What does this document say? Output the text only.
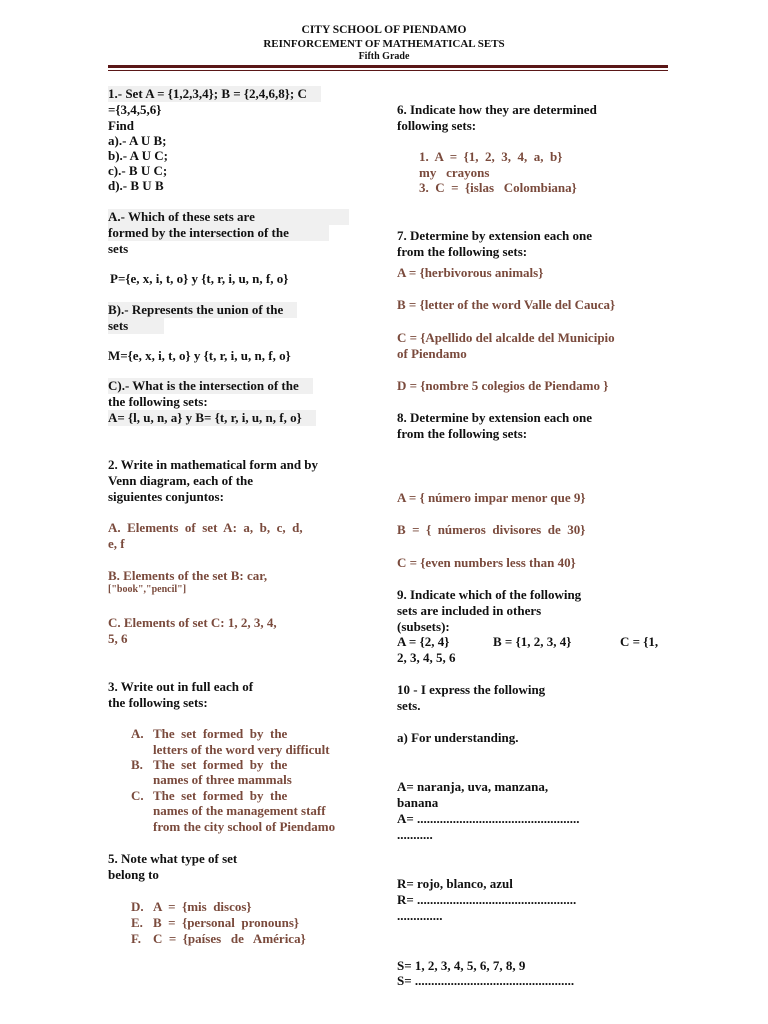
CITY SCHOOL OF PIENDAMO
REINFORCEMENT OF MATHEMATICAL SETS
Fifth Grade
1.- Set A = {1,2,3,4}; B = {2,4,6,8}; C
={3,4,5,6}
Find
a).- A U B;
b).- A U C;
c).- B U C;
d).- B U B
A.- Which of these sets are
formed by the intersection of the
sets
P={e, x, i, t, o} y {t, r, i, u, n, f, o}
B).- Represents the union of the
sets
M={e, x, i, t, o} y {t, r, i, u, n, f, o}
C).- What is the intersection of the
the following sets:
A= {l, u, n, a} y B= {t, r, i, u, n, f, o}
2. Write in mathematical form and by
Venn diagram, each of the
siguientes conjuntos:
A.  Elements  of  set  A:  a,  b,  c,  d,
e, f
B. Elements of the set B: car,
["book","pencil"]
C. Elements of set C: 1, 2, 3, 4,
5, 6
3. Write out in full each of
the following sets:
A. The  set  formed  by  the
letters of the word very difficult
B. The  set  formed  by  the
names of three mammals
C. The  set  formed  by  the
names of the management staff
from the city school of Piendamo
5. Note what type of set
belong to
D. A  =  {mis  discos}
E. B  =  {personal  pronouns}
F. C  =  {países   de   América}
6. Indicate how they are determined
following sets:
1.  A  =  {1,  2,  3,  4,  a,  b}
my   crayons
3.  C  =  {islas   Colombiana}
7. Determine by extension each one
from the following sets:
A = {herbivorous animals}
B = {letter of the word Valle del Cauca}
C = {Apellido del alcalde del Municipio
of Piendamo
D = {nombre 5 colegios de Piendamo }
8. Determine by extension each one
from the following sets:
A = { número impar menor que 9}
B  =  {  números  divisores  de  30}
C = {even numbers less than 40}
9. Indicate which of the following
sets are included in others
(subsets):
A = {2, 4}	B = {1, 2, 3, 4}	C = {1,
2, 3, 4, 5, 6
10 - I express the following
sets.
a) For understanding.
A= naranja, uva, manzana,
banana
A= ..................................................
...........
R= rojo, blanco, azul
R= .................................................
..............
S= 1, 2, 3, 4, 5, 6, 7, 8, 9
S= .................................................
